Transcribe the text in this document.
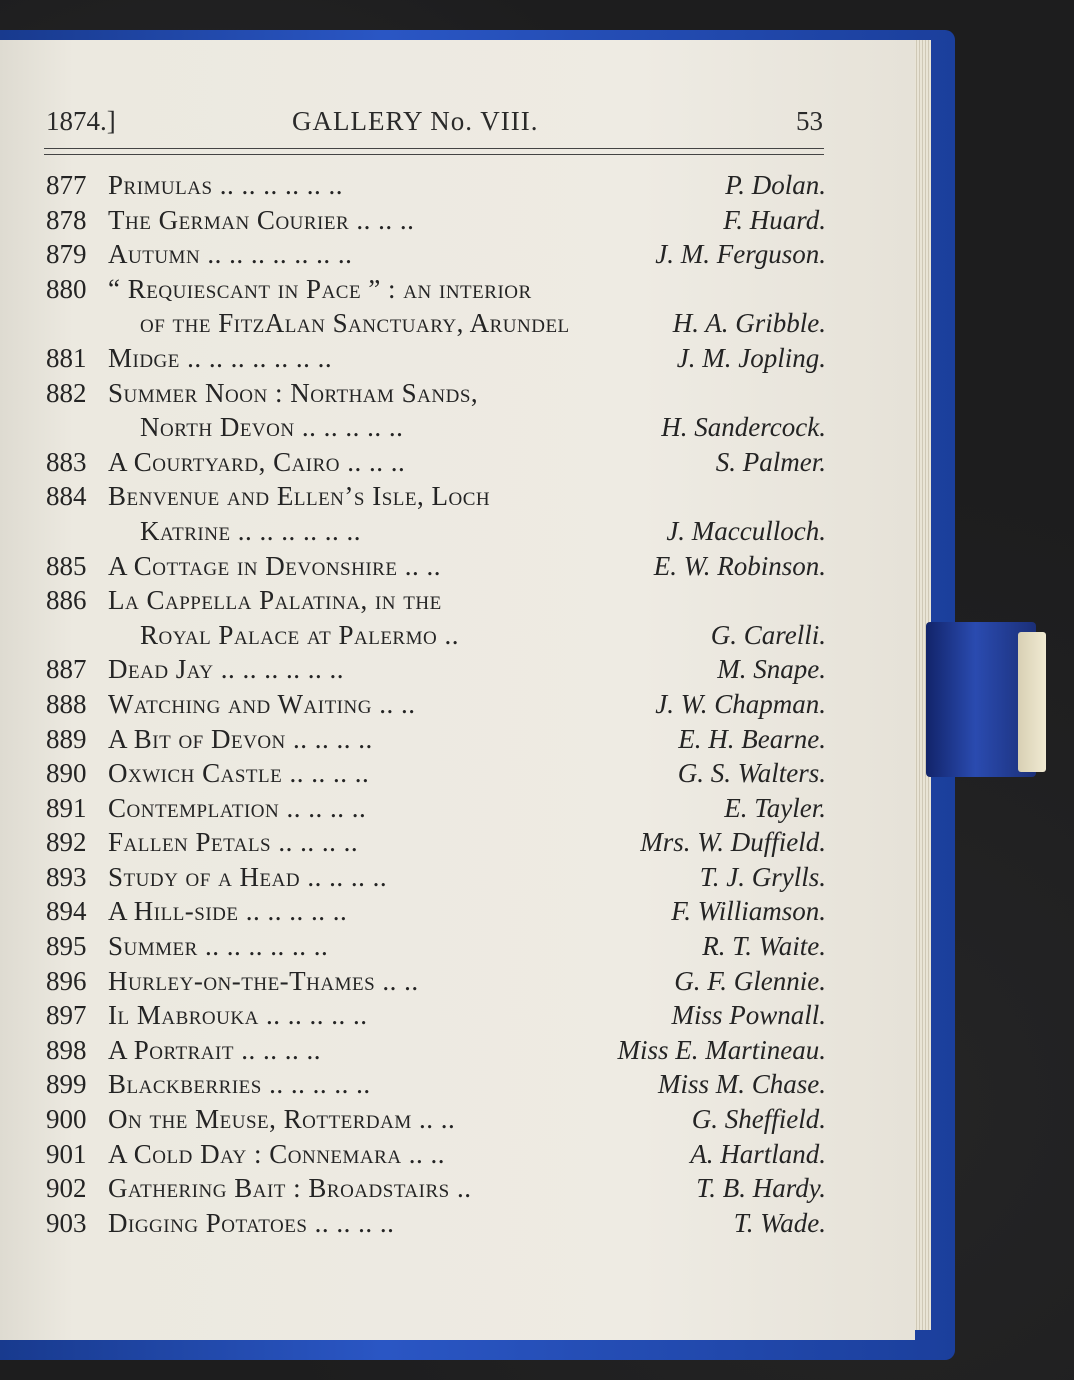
1874.]	GALLERY No. VIII.	53
877 Primulas .. .. .. .. .. ..	P. Dolan.
878 The German Courier .. .. ..	F. Huard.
879 Autumn .. .. .. .. .. .. ..	J. M. Ferguson.
880 “ Requiescant in Pace ” : an interior
of the FitzAlan Sanctuary, Arundel	H. A. Gribble.
881 Midge .. .. .. .. .. .. ..	J. M. Jopling.
882 Summer Noon : Northam Sands,
North Devon .. .. .. .. ..	H. Sandercock.
883 A Courtyard, Cairo .. .. ..	S. Palmer.
884 Benvenue and Ellen’s Isle, Loch
Katrine .. .. .. .. .. ..	J. Macculloch.
885 A Cottage in Devonshire .. ..	E. W. Robinson.
886 La Cappella Palatina, in the
Royal Palace at Palermo ..	G. Carelli.
887 Dead Jay .. .. .. .. .. ..	M. Snape.
888 Watching and Waiting .. ..	J. W. Chapman.
889 A Bit of Devon .. .. .. ..	E. H. Bearne.
890 Oxwich Castle .. .. .. ..	G. S. Walters.
891 Contemplation .. .. .. ..	E. Tayler.
892 Fallen Petals .. .. .. ..	Mrs. W. Duffield.
893 Study of a Head .. .. .. ..	T. J. Grylls.
894 A Hill-side .. .. .. .. ..	F. Williamson.
895 Summer .. .. .. .. .. ..	R. T. Waite.
896 Hurley-on-the-Thames .. ..	G. F. Glennie.
897 Il Mabrouka .. .. .. .. ..	Miss Pownall.
898 A Portrait .. .. .. ..	Miss E. Martineau.
899 Blackberries .. .. .. .. ..	Miss M. Chase.
900 On the Meuse, Rotterdam .. ..	G. Sheffield.
901 A Cold Day : Connemara .. ..	A. Hartland.
902 Gathering Bait : Broadstairs ..	T. B. Hardy.
903 Digging Potatoes .. .. .. ..	T. Wade.
